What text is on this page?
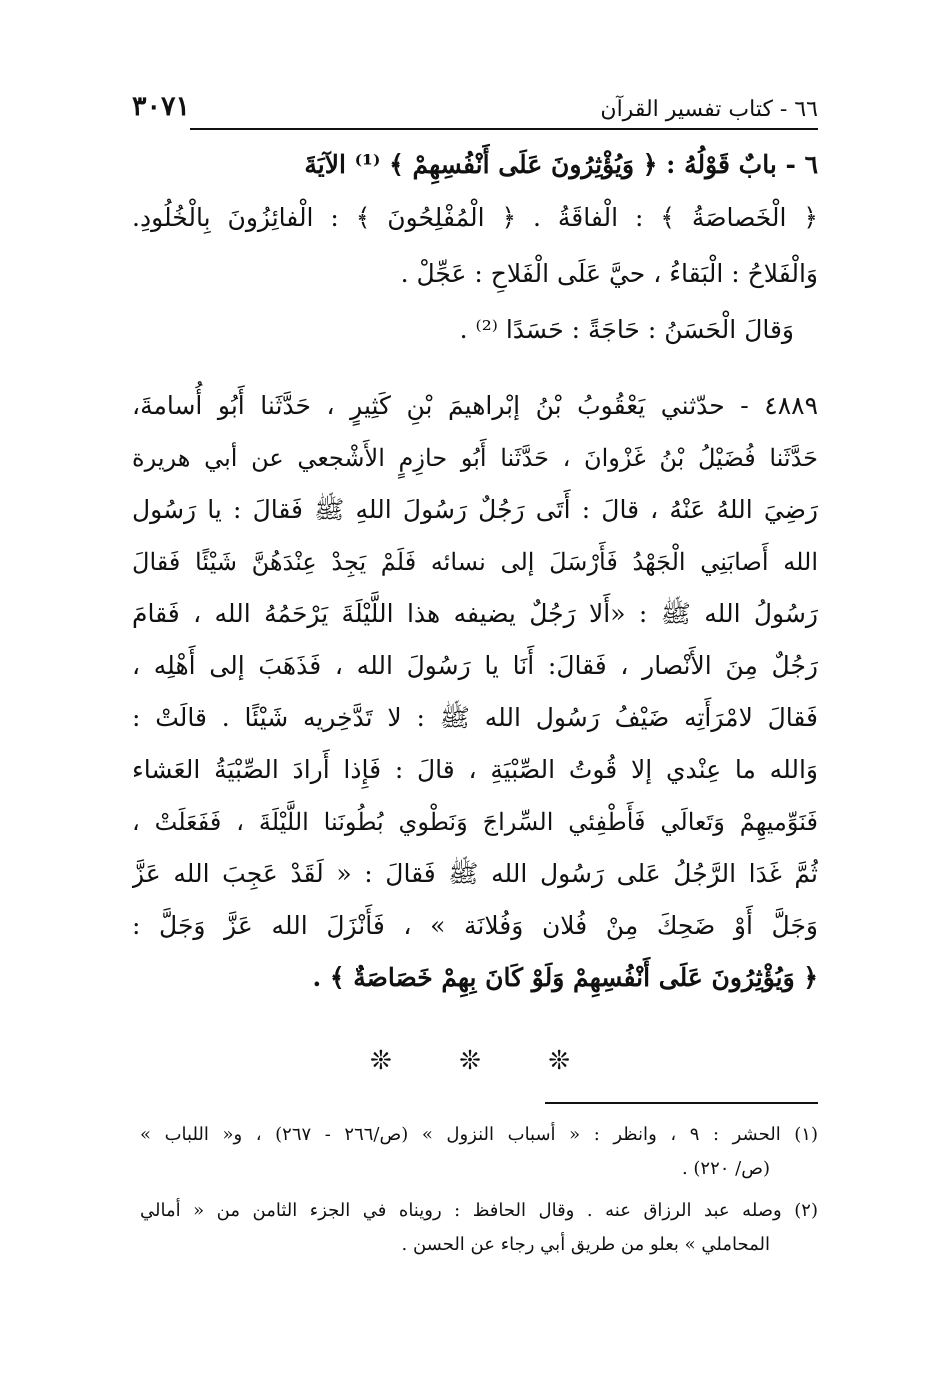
٦٦ - كتاب تفسير القرآن
٣٠٧١
٦ - بابٌ قَوْلُهُ : ﴿ وَيُؤْثِرُونَ عَلَى أَنْفُسِهِمْ ﴾ ⁽¹⁾ الآيَةَ
﴿ الْخَصاصَةُ ﴾ : الْفاقَةُ . ﴿ الْمُفْلِحُونَ ﴾ : الْفائِزُونَ بِالْخُلُودِ.
وَالْفَلاحُ : الْبَقاءُ ، حيَّ عَلَى الْفَلاحِ : عَجِّلْ .
وَقالَ الْحَسَنُ : حَاجَةً : حَسَدًا ⁽²⁾ .
٤٨٨٩ - حدّثني يَعْقُوبُ بْنُ إبْراهيمَ بْنِ كَثِيرٍ ، حَدَّثَنا أَبُو أُسامةَ،
حَدَّثَنا فُضَيْلُ بْنُ غَزْوانَ ، حَدَّثَنا أَبُو حازِمٍ الأَشْجعي عن أبي هريرة
رَضِيَ اللهُ عَنْهُ ، قالَ : أَتَى رَجُلٌ رَسُولَ اللهِ ﷺ فَقالَ : يا رَسُول
الله أَصابَنِي الْجَهْدُ فَأَرْسَلَ إلى نسائه فَلَمْ يَجِدْ عِنْدَهُنَّ شَيْئًا فَقالَ
رَسُولُ الله ﷺ : «أَلا رَجُلٌ يضيفه هذا اللَّيْلَةَ يَرْحَمُهُ الله ، فَقامَ
رَجُلٌ مِنَ الأَنْصار ، فَقالَ: أَنَا يا رَسُولَ الله ، فَذَهَبَ إلى أَهْلِه ،
فَقالَ لامْرَأَتِه ضَيْفُ رَسُول الله ﷺ : لا تَدَّخِريه شَيْئًا . قالَتْ :
وَالله ما عِنْدي إلا قُوتُ الصِّبْيَةِ ، قالَ : فَإِذا أَرادَ الصِّبْيَةُ العَشاء
فَنَوِّميهِمْ وَتَعالَي فَأَطْفِئي السِّراجَ وَنَطْوي بُطُونَنا اللَّيْلَةَ ، فَفَعَلَتْ ،
ثُمَّ غَدَا الرَّجُلُ عَلى رَسُول الله ﷺ فَقالَ : « لَقَدْ عَجِبَ الله عَزَّ
وَجَلَّ أَوْ ضَحِكَ مِنْ فُلان وَفُلانَة » ، فَأَنْزَلَ الله عَزَّ وَجَلَّ :
﴿ وَيُؤْثِرُونَ عَلَى أَنْفُسِهِمْ وَلَوْ كَانَ بِهِمْ خَصَاصَةٌ ﴾ .
❊	❊	❊
(١) الحشر : ٩ ، وانظر : « أسباب النزول » (ص/٢٦٦ - ٢٦٧) ، و« اللباب »
(ص/ ٢٢٠) .
(٢) وصله عبد الرزاق عنه . وقال الحافظ : رويناه في الجزء الثامن من « أمالي
المحاملي » بعلو من طريق أبي رجاء عن الحسن .
